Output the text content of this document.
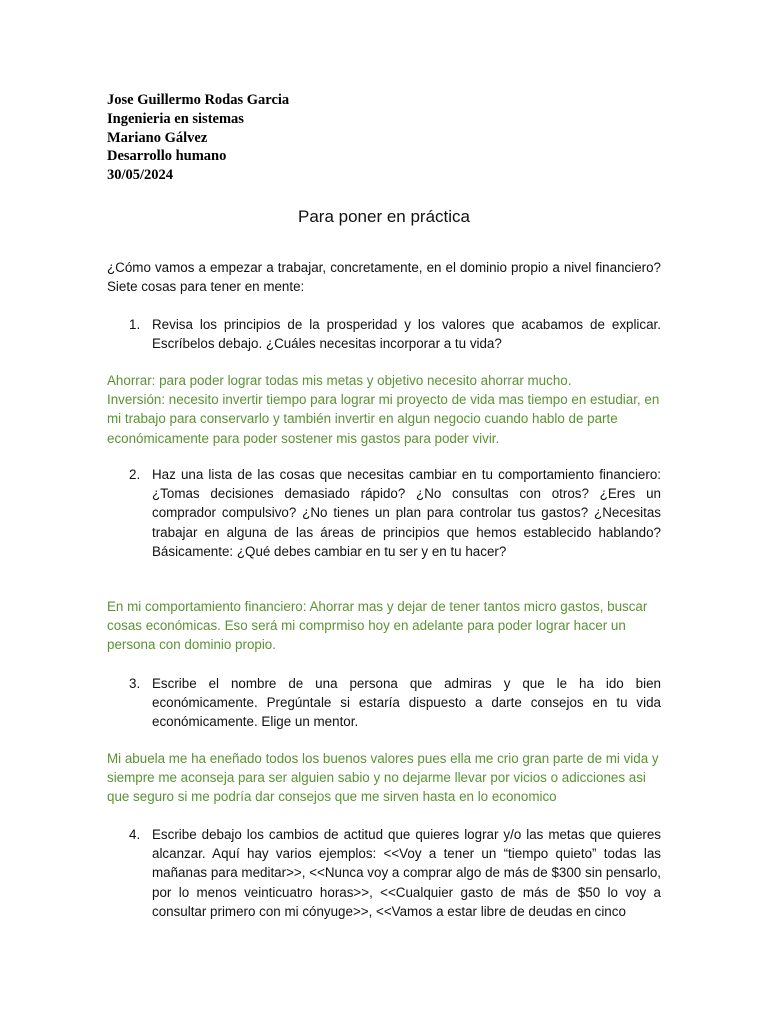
Jose Guillermo Rodas Garcia
Ingenieria en sistemas
Mariano Gálvez
Desarrollo humano
30/05/2024
Para poner en práctica
¿Cómo vamos a empezar a trabajar, concretamente, en el dominio propio a nivel financiero? Siete cosas para tener en mente:
1. Revisa los principios de la prosperidad y los valores que acabamos de explicar. Escríbelos debajo. ¿Cuáles necesitas incorporar a tu vida?
Ahorrar: para poder lograr todas mis metas y objetivo necesito ahorrar mucho.
Inversión: necesito invertir tiempo para lograr mi proyecto de vida mas tiempo en estudiar, en mi trabajo para conservarlo y también invertir en algun negocio cuando hablo de parte económicamente para poder sostener mis gastos para poder vivir.
2. Haz una lista de las cosas que necesitas cambiar en tu comportamiento financiero: ¿Tomas decisiones demasiado rápido? ¿No consultas con otros? ¿Eres un comprador compulsivo? ¿No tienes un plan para controlar tus gastos? ¿Necesitas trabajar en alguna de las áreas de principios que hemos establecido hablando? Básicamente: ¿Qué debes cambiar en tu ser y en tu hacer?
En mi comportamiento financiero: Ahorrar mas y dejar de tener tantos micro gastos, buscar cosas económicas. Eso será mi comprmiso hoy en adelante para poder lograr hacer un persona con dominio propio.
3. Escribe el nombre de una persona que admiras y que le ha ido bien económicamente. Pregúntale si estaría dispuesto a darte consejos en tu vida económicamente. Elige un mentor.
Mi abuela me ha eneñado todos los buenos valores pues ella me crio gran parte de mi vida y siempre me aconseja para ser alguien sabio y no dejarme llevar por vicios o adicciones asi que seguro si me podría dar consejos que me sirven hasta en lo economico
4. Escribe debajo los cambios de actitud que quieres lograr y/o las metas que quieres alcanzar. Aquí hay varios ejemplos: <<Voy a tener un “tiempo quieto” todas las mañanas para meditar>>, <<Nunca voy a comprar algo de más de $300 sin pensarlo, por lo menos veinticuatro horas>>, <<Cualquier gasto de más de $50 lo voy a consultar primero con mi cónyuge>>, <<Vamos a estar libre de deudas en cinco
